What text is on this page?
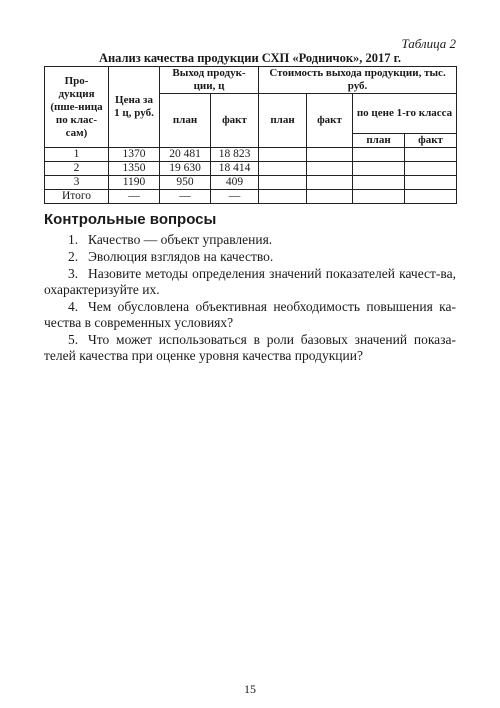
Таблица 2
Анализ качества продукции СХП «Родничок», 2017 г.
Про-дукция (пше-ница по клас-сам)	Цена за 1 ц, руб.	Выход продук-ции, ц		Стоимость выхода продукции, тыс. руб.			
		план	факт	план	факт	по цене 1-го класса	
						план	факт
1	1370	20 481	18 823				
2	1350	19 630	18 414				
3	1190	950	409				
Итого	—	—	—				
Контрольные вопросы
1. Качество — объект управления.
2. Эволюция взглядов на качество.
3. Назовите методы определения значений показателей качест-ва, охарактеризуйте их.
4. Чем обусловлена объективная необходимость повышения ка-чества в современных условиях?
5. Что может использоваться в роли базовых значений показа-телей качества при оценке уровня качества продукции?
15
